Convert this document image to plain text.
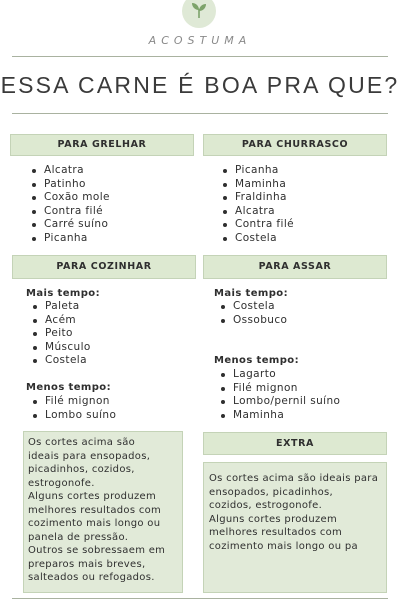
ACOSTUMA
ESSA CARNE É BOA PRA QUE?
PARA GRELHAR
Alcatra
Patinho
Coxão mole
Contra filé
Carré suíno
Picanha
PARA CHURRASCO
Picanha
Maminha
Fraldinha
Alcatra
Contra filé
Costela
PARA COZINHAR
Mais tempo:
Paleta
Acém
Peito
Músculo
Costela
Menos tempo:
Filé mignon
Lombo suíno
PARA ASSAR
Mais tempo:
Costela
Ossobuco
Menos tempo:
Lagarto
Filé mignon
Lombo/pernil suíno
Maminha
Os cortes acima são
ideais para ensopados,
picadinhos, cozidos,
estrogonofe.
Alguns cortes produzem
melhores resultados com
cozimento mais longo ou
panela de pressão.
Outros se sobressaem em
preparos mais breves,
salteados ou refogados.
EXTRA
Os cortes acima são ideais para
ensopados, picadinhos,
cozidos, estrogonofe.
Alguns cortes produzem
melhores resultados com
cozimento mais longo ou pa
